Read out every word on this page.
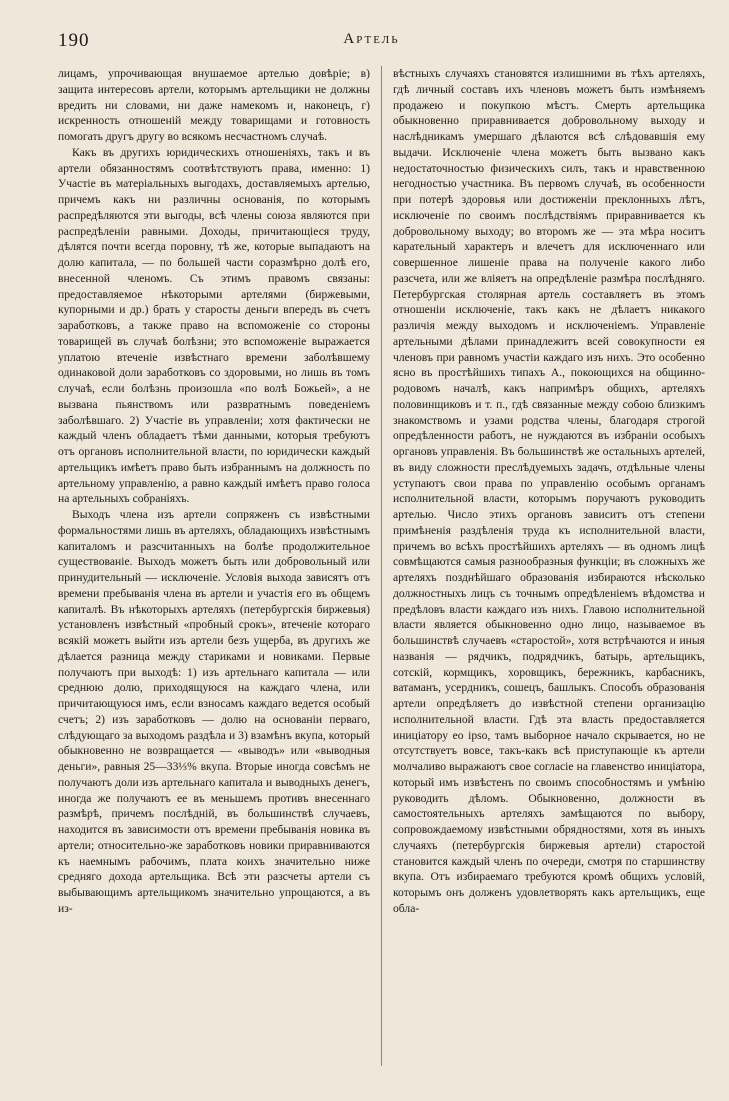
190	Артель

лицамъ, упрочивающая внушаемое артелью довѣріе; в) защита интересовъ артели, которымъ артельщики не должны вредить ни словами, ни даже намекомъ и, наконецъ, г) искренность отношеній между товарищами и готовность помогать другъ другу во всякомъ несчастномъ случаѣ.

Какъ въ другихъ юридическихъ отношеніяхъ, такъ и въ артели обязанностямъ соотвѣтствуютъ права, именно: 1) Участіе въ матеріальныхъ выгодахъ, доставляемыхъ артелью, причемъ какъ ни различны основанія, по которымъ распредѣляются эти выгоды, всѣ члены союза являются при распредѣленіи равными. Доходы, причитающіеся труду, дѣлятся почти всегда поровну, тѣ же, которые выпадаютъ на долю капитала, — по большей части соразмѣрно долѣ его, внесенной членомъ. Съ этимъ правомъ связаны: предоставляемое нѣкоторыми артелями (биржевыми, купорными и др.) брать у старосты деньги впередъ въ счетъ заработковъ, а также право на вспоможеніе со стороны товарищей въ случаѣ болѣзни; это вспоможеніе выражается уплатою втеченіе извѣстнаго времени заболѣвшему одинаковой доли заработковъ со здоровыми, но лишь въ томъ случаѣ, если болѣзнь произошла «по волѣ Божьей», а не вызвана пьянствомъ или развратнымъ поведеніемъ заболѣвшаго. 2) Участіе въ управленіи; хотя фактически не каждый членъ обладаетъ тѣми данными, которыя требуютъ отъ органовъ исполнительной власти, по юридически каждый артельщикъ имѣетъ право быть избраннымъ на должность по артельному управленію, а равно каждый имѣетъ право голоса на артельныхъ собраніяхъ.

Выходъ члена изъ артели сопряженъ съ извѣстными формальностями лишь въ артеляхъ, обладающихъ извѣстнымъ капиталомъ и разсчитанныхъ на болѣе продолжительное существованіе. Выходъ можетъ быть или добровольный или принудительный — исключеніе. Условія выхода зависятъ отъ времени пребыванія члена въ артели и участія его въ общемъ капиталѣ. Въ нѣкоторыхъ артеляхъ (петербургскія биржевыя) установленъ извѣстный «пробный срокъ», втеченіе котораго всякій можетъ выйти изъ артели безъ ущерба, въ другихъ же дѣлается разница между стариками и новиками. Первые получаютъ при выходѣ: 1) изъ артельнаго капитала — или среднюю долю, приходящуюся на каждаго члена, или причитающуюся имъ, если взносамъ каждаго ведется особый счетъ; 2) изъ заработковъ — долю на основаніи перваго, слѣдующаго за выходомъ раздѣла и 3) взамѣнъ вкупа, который обыкновенно не возвращается — «выводъ» или «выводныя деньги», равныя 25—33⅓% вкупа. Вторые иногда совсѣмъ не получаютъ доли изъ артельнаго капитала и выводныхъ денегъ, иногда же получаютъ ее въ меньшемъ противъ внесеннаго размѣрѣ, причемъ послѣдній, въ большинствѣ случаевъ, находится въ зависимости отъ времени пребыванія новика въ артели; относительно-же заработковъ новики приравниваются къ наемнымъ рабочимъ, плата коихъ значительно ниже средняго дохода артельщика. Всѣ эти разсчеты артели съ выбывающимъ артельщикомъ значительно упрощаются, а въ из-

вѣстныхъ случаяхъ становятся излишними въ тѣхъ артеляхъ, гдѣ личный составъ ихъ членовъ можетъ быть измѣняемъ продажею и покупкою мѣстъ. Смерть артельщика обыкновенно приравнивается добровольному выходу и наслѣдникамъ умершаго дѣлаются всѣ слѣдовавшія ему выдачи. Исключеніе члена можетъ быть вызвано какъ недостаточностью физическихъ силъ, такъ и нравственною негодностью участника. Въ первомъ случаѣ, въ особенности при потерѣ здоровья или достиженіи преклонныхъ лѣтъ, исключеніе по своимъ послѣдствіямъ приравнивается къ добровольному выходу; во второмъ же — эта мѣра носитъ карательный характеръ и влечетъ для исключеннаго или совершенное лишеніе права на полученіе какого либо разсчета, или же вліяетъ на опредѣленіе размѣра послѣдняго. Петербургская столярная артель составляетъ въ этомъ отношеніи исключеніе, такъ какъ не дѣлаетъ никакого различія между выходомъ и исключеніемъ. Управленіе артельными дѣлами принадлежитъ всей совокупности ея членовъ при равномъ участіи каждаго изъ нихъ. Это особенно ясно въ простѣйшихъ типахъ А., покоющихся на общинно-родовомъ началѣ, какъ напримѣръ общихъ, артеляхъ половинщиковъ и т. п., гдѣ связанные между собою близкимъ знакомствомъ и узами родства члены, благодаря строгой опредѣленности работъ, не нуждаются въ избраніи особыхъ органовъ управленія. Въ большинствѣ же остальныхъ артелей, въ виду сложности преслѣдуемыхъ задачъ, отдѣльные члены уступаютъ свои права по управленію особымъ органамъ исполнительной власти, которымъ поручаютъ руководить артелью. Число этихъ органовъ зависитъ отъ степени примѣненія раздѣленія труда къ исполнительной власти, причемъ во всѣхъ простѣйшихъ артеляхъ — въ одномъ лицѣ совмѣщаются самыя разнообразныя функціи; въ сложныхъ же артеляхъ позднѣйшаго образованія избираются нѣсколько должностныхъ лицъ съ точнымъ опредѣленіемъ вѣдомства и предѣловъ власти каждаго изъ нихъ. Главою исполнительной власти является обыкновенно одно лицо, называемое въ большинствѣ случаевъ «старостой», хотя встрѣчаются и иныя названія — рядчикъ, подрядчикъ, батырь, артельщикъ, сотскій, кормщикъ, хоровщикъ, бережникъ, карбасникъ, ватаманъ, усердникъ, сошецъ, башлыкъ. Способъ образованія артели опредѣляетъ до извѣстной степени организацію исполнительной власти. Гдѣ эта власть предоставляется иниціатору ео ipso, тамъ выборное начало скрывается, но не отсутствуетъ вовсе, такъ-какъ всѣ приступающіе къ артели молчаливо выражаютъ свое согласіе на главенство иниціатора, который имъ извѣстенъ по своимъ способностямъ и умѣнію руководить дѣломъ. Обыкновенно, должности въ самостоятельныхъ артеляхъ замѣщаются по выбору, сопровождаемому извѣстными обрядностями, хотя въ иныхъ случаяхъ (петербургскія биржевыя артели) старостой становится каждый членъ по очереди, смотря по старшинству вкупа. Отъ избираемаго требуются кромѣ общихъ условій, которымъ онъ долженъ удовлетворять какъ артельщикъ, еще обла-
